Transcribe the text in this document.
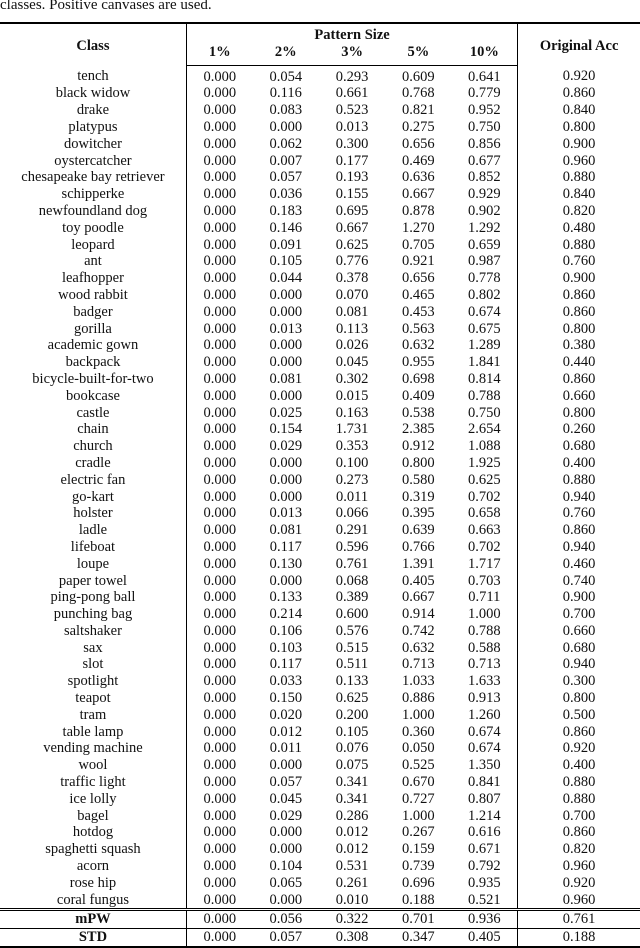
classes. Positive canvases are used.
Class	Pattern Size					Original Acc
	1%	2%	3%	5%	10%	
tench	0.000	0.054	0.293	0.609	0.641	0.920
black widow	0.000	0.116	0.661	0.768	0.779	0.860
drake	0.000	0.083	0.523	0.821	0.952	0.840
platypus	0.000	0.000	0.013	0.275	0.750	0.800
dowitcher	0.000	0.062	0.300	0.656	0.856	0.900
oystercatcher	0.000	0.007	0.177	0.469	0.677	0.960
chesapeake bay retriever	0.000	0.057	0.193	0.636	0.852	0.880
schipperke	0.000	0.036	0.155	0.667	0.929	0.840
newfoundland dog	0.000	0.183	0.695	0.878	0.902	0.820
toy poodle	0.000	0.146	0.667	1.270	1.292	0.480
leopard	0.000	0.091	0.625	0.705	0.659	0.880
ant	0.000	0.105	0.776	0.921	0.987	0.760
leafhopper	0.000	0.044	0.378	0.656	0.778	0.900
wood rabbit	0.000	0.000	0.070	0.465	0.802	0.860
badger	0.000	0.000	0.081	0.453	0.674	0.860
gorilla	0.000	0.013	0.113	0.563	0.675	0.800
academic gown	0.000	0.000	0.026	0.632	1.289	0.380
backpack	0.000	0.000	0.045	0.955	1.841	0.440
bicycle-built-for-two	0.000	0.081	0.302	0.698	0.814	0.860
bookcase	0.000	0.000	0.015	0.409	0.788	0.660
castle	0.000	0.025	0.163	0.538	0.750	0.800
chain	0.000	0.154	1.731	2.385	2.654	0.260
church	0.000	0.029	0.353	0.912	1.088	0.680
cradle	0.000	0.000	0.100	0.800	1.925	0.400
electric fan	0.000	0.000	0.273	0.580	0.625	0.880
go-kart	0.000	0.000	0.011	0.319	0.702	0.940
holster	0.000	0.013	0.066	0.395	0.658	0.760
ladle	0.000	0.081	0.291	0.639	0.663	0.860
lifeboat	0.000	0.117	0.596	0.766	0.702	0.940
loupe	0.000	0.130	0.761	1.391	1.717	0.460
paper towel	0.000	0.000	0.068	0.405	0.703	0.740
ping-pong ball	0.000	0.133	0.389	0.667	0.711	0.900
punching bag	0.000	0.214	0.600	0.914	1.000	0.700
saltshaker	0.000	0.106	0.576	0.742	0.788	0.660
sax	0.000	0.103	0.515	0.632	0.588	0.680
slot	0.000	0.117	0.511	0.713	0.713	0.940
spotlight	0.000	0.033	0.133	1.033	1.633	0.300
teapot	0.000	0.150	0.625	0.886	0.913	0.800
tram	0.000	0.020	0.200	1.000	1.260	0.500
table lamp	0.000	0.012	0.105	0.360	0.674	0.860
vending machine	0.000	0.011	0.076	0.050	0.674	0.920
wool	0.000	0.000	0.075	0.525	1.350	0.400
traffic light	0.000	0.057	0.341	0.670	0.841	0.880
ice lolly	0.000	0.045	0.341	0.727	0.807	0.880
bagel	0.000	0.029	0.286	1.000	1.214	0.700
hotdog	0.000	0.000	0.012	0.267	0.616	0.860
spaghetti squash	0.000	0.000	0.012	0.159	0.671	0.820
acorn	0.000	0.104	0.531	0.739	0.792	0.960
rose hip	0.000	0.065	0.261	0.696	0.935	0.920
coral fungus	0.000	0.000	0.010	0.188	0.521	0.960
mPW	0.000	0.056	0.322	0.701	0.936	0.761
STD	0.000	0.057	0.308	0.347	0.405	0.188
